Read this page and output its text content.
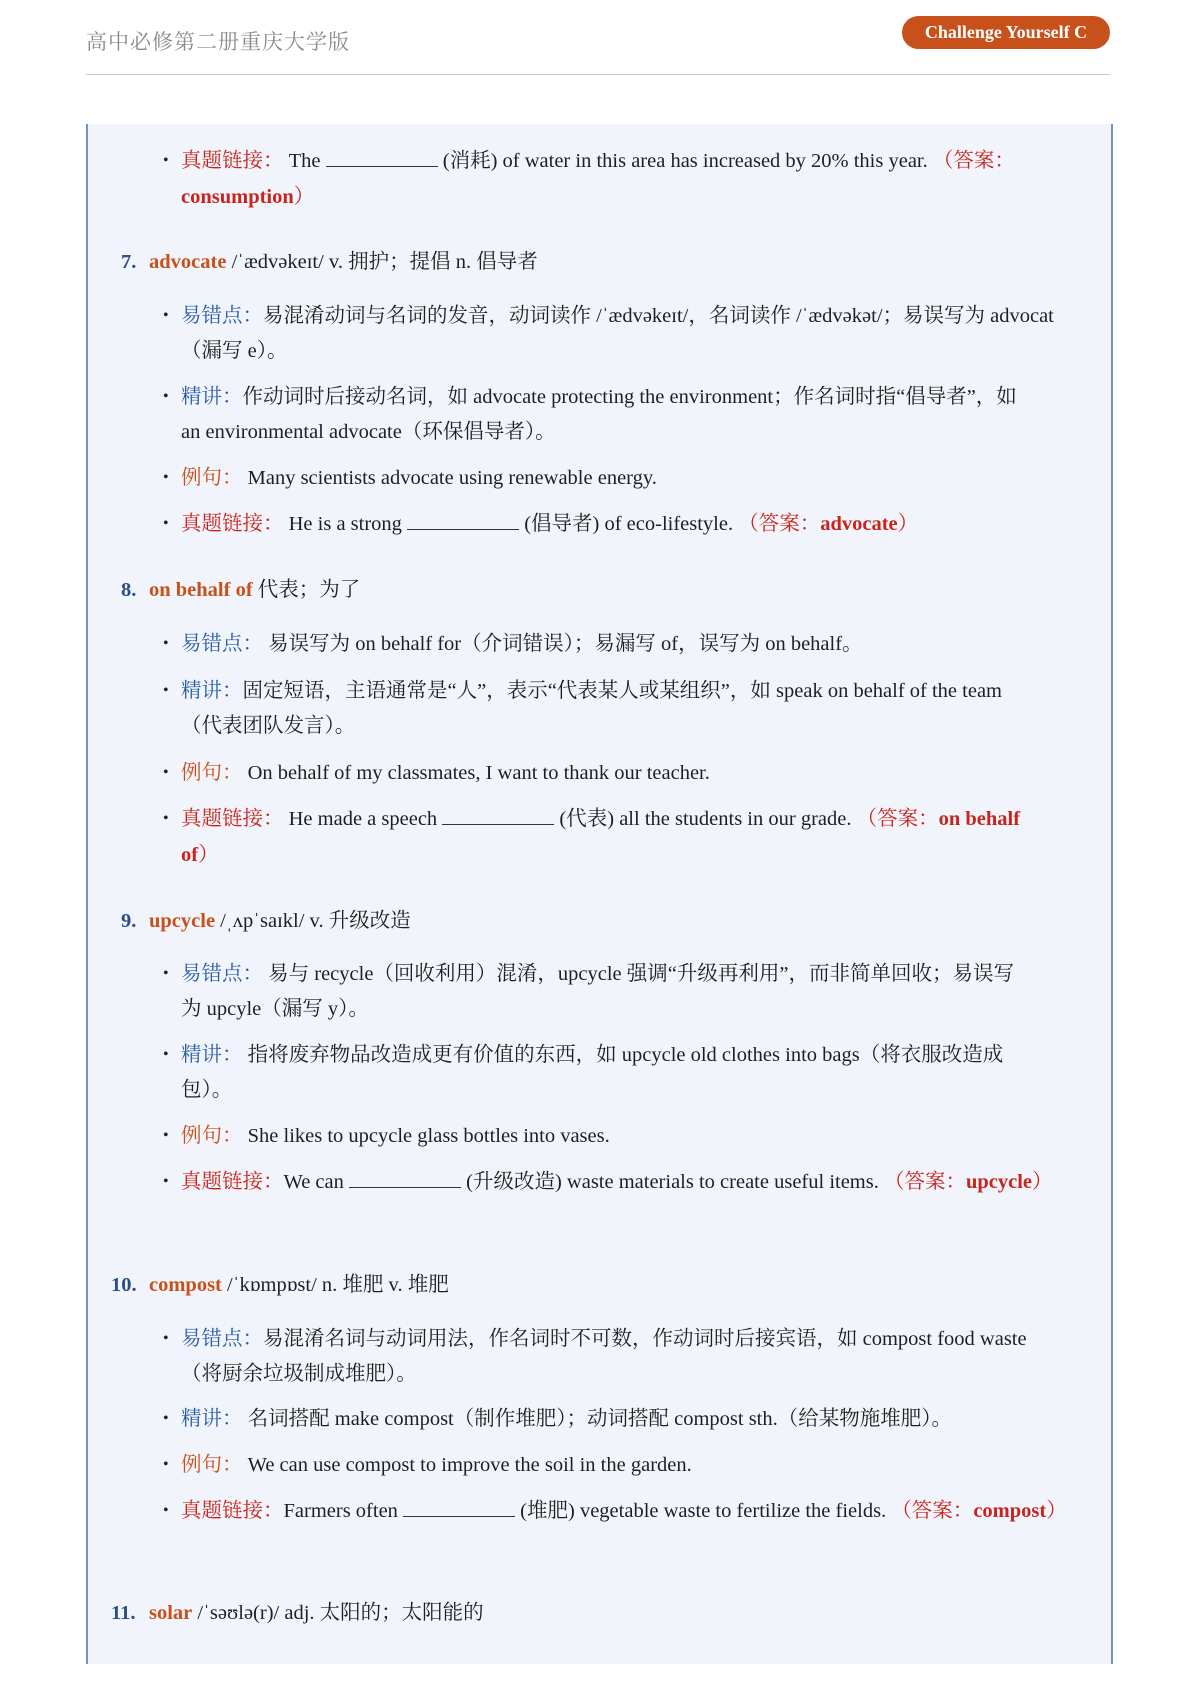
高中必修第二册重庆大学版	Challenge Yourself C
• 真题链接： The	(消耗) of water in this area has increased by 20% this year. （答案：
consumption）
7. advocate /ˈædvəkeɪt/ v. 拥护；提倡 n. 倡导者
• 易错点：易混淆动词与名词的发音，动词读作 /ˈædvəkeɪt/，名词读作 /ˈædvəkət/；易误写为 advocat
（漏写 e）。
• 精讲：作动词时后接动名词，如 advocate protecting the environment；作名词时指“倡导者”，如
an environmental advocate（环保倡导者）。
• 例句： Many scientists advocate using renewable energy.
• 真题链接： He is a strong	(倡导者) of eco-lifestyle. （答案：advocate）
8. on behalf of 代表；为了
• 易错点： 易误写为 on behalf for（介词错误）；易漏写 of，误写为 on behalf。
• 精讲：固定短语，主语通常是“人”，表示“代表某人或某组织”，如 speak on behalf of the team
（代表团队发言）。
• 例句： On behalf of my classmates, I want to thank our teacher.
• 真题链接： He made a speech	(代表) all the students in our grade. （答案：on behalf
of）
9. upcycle /ˌʌpˈsaɪkl/ v. 升级改造
• 易错点： 易与 recycle（回收利用）混淆，upcycle 强调“升级再利用”，而非简单回收；易误写
为 upcyle（漏写 y）。
• 精讲： 指将废弃物品改造成更有价值的东西，如 upcycle old clothes into bags（将衣服改造成
包）。
• 例句： She likes to upcycle glass bottles into vases.
• 真题链接：We can	(升级改造) waste materials to create useful items. （答案：upcycle）
10. compost /ˈkɒmpɒst/ n. 堆肥 v. 堆肥
• 易错点：易混淆名词与动词用法，作名词时不可数，作动词时后接宾语，如 compost food waste
（将厨余垃圾制成堆肥）。
• 精讲： 名词搭配 make compost（制作堆肥）；动词搭配 compost sth.（给某物施堆肥）。
• 例句： We can use compost to improve the soil in the garden.
• 真题链接：Farmers often	(堆肥) vegetable waste to fertilize the fields. （答案：compost）
11. solar /ˈsəʊlə(r)/ adj. 太阳的；太阳能的
